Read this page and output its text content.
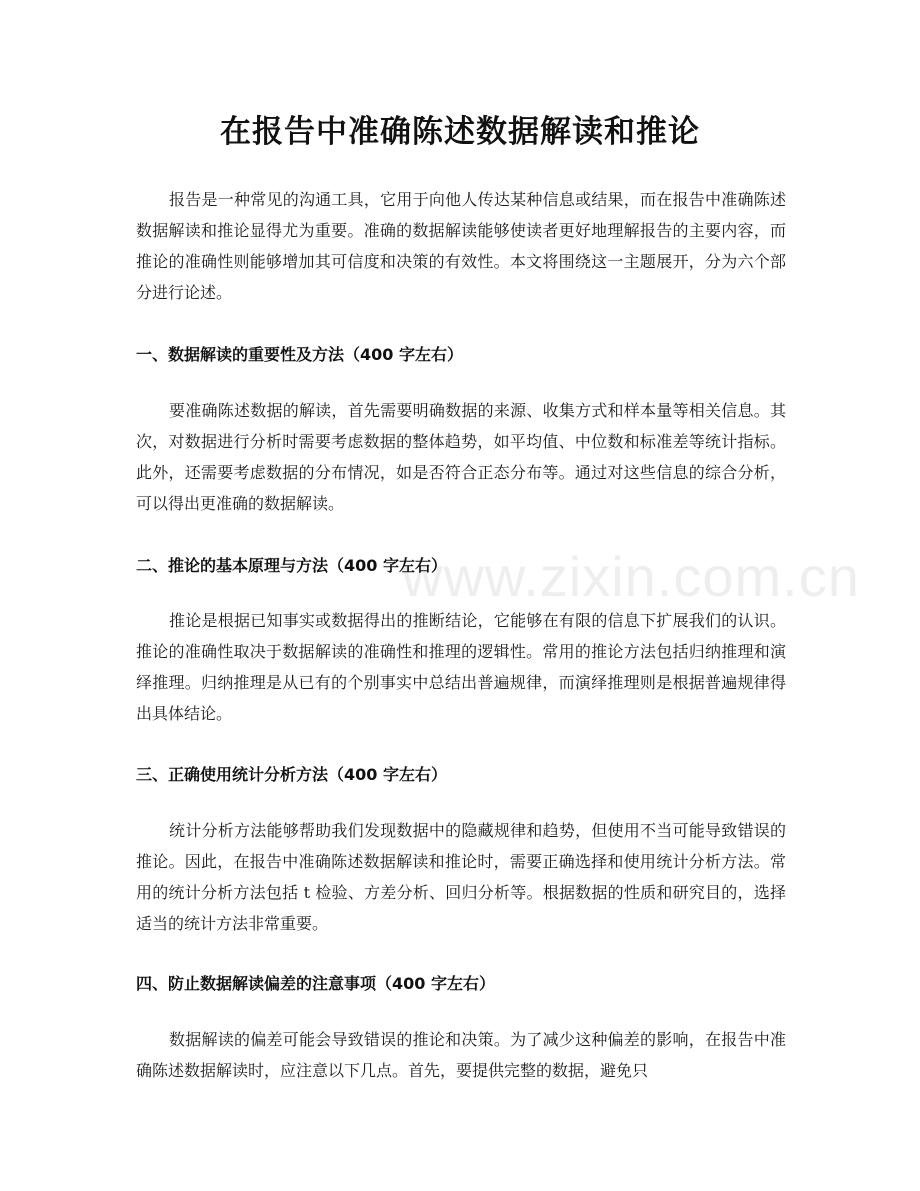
www.zixin.com.cn
在报告中准确陈述数据解读和推论

报告是一种常见的沟通工具，它用于向他人传达某种信息或结果，而在报告中准确陈述数据解读和推论显得尤为重要。准确的数据解读能够使读者更好地理解报告的主要内容，而推论的准确性则能够增加其可信度和决策的有效性。本文将围绕这一主题展开，分为六个部分进行论述。

一、数据解读的重要性及方法（400 字左右）

要准确陈述数据的解读，首先需要明确数据的来源、收集方式和样本量等相关信息。其次，对数据进行分析时需要考虑数据的整体趋势，如平均值、中位数和标准差等统计指标。此外，还需要考虑数据的分布情况，如是否符合正态分布等。通过对这些信息的综合分析，可以得出更准确的数据解读。

二、推论的基本原理与方法（400 字左右）

推论是根据已知事实或数据得出的推断结论，它能够在有限的信息下扩展我们的认识。推论的准确性取决于数据解读的准确性和推理的逻辑性。常用的推论方法包括归纳推理和演绎推理。归纳推理是从已有的个别事实中总结出普遍规律，而演绎推理则是根据普遍规律得出具体结论。

三、正确使用统计分析方法（400 字左右）

统计分析方法能够帮助我们发现数据中的隐藏规律和趋势，但使用不当可能导致错误的推论。因此，在报告中准确陈述数据解读和推论时，需要正确选择和使用统计分析方法。常用的统计分析方法包括 t 检验、方差分析、回归分析等。根据数据的性质和研究目的，选择适当的统计方法非常重要。

四、防止数据解读偏差的注意事项（400 字左右）

数据解读的偏差可能会导致错误的推论和决策。为了减少这种偏差的影响，在报告中准确陈述数据解读时，应注意以下几点。首先，要提供完整的数据，避免只
